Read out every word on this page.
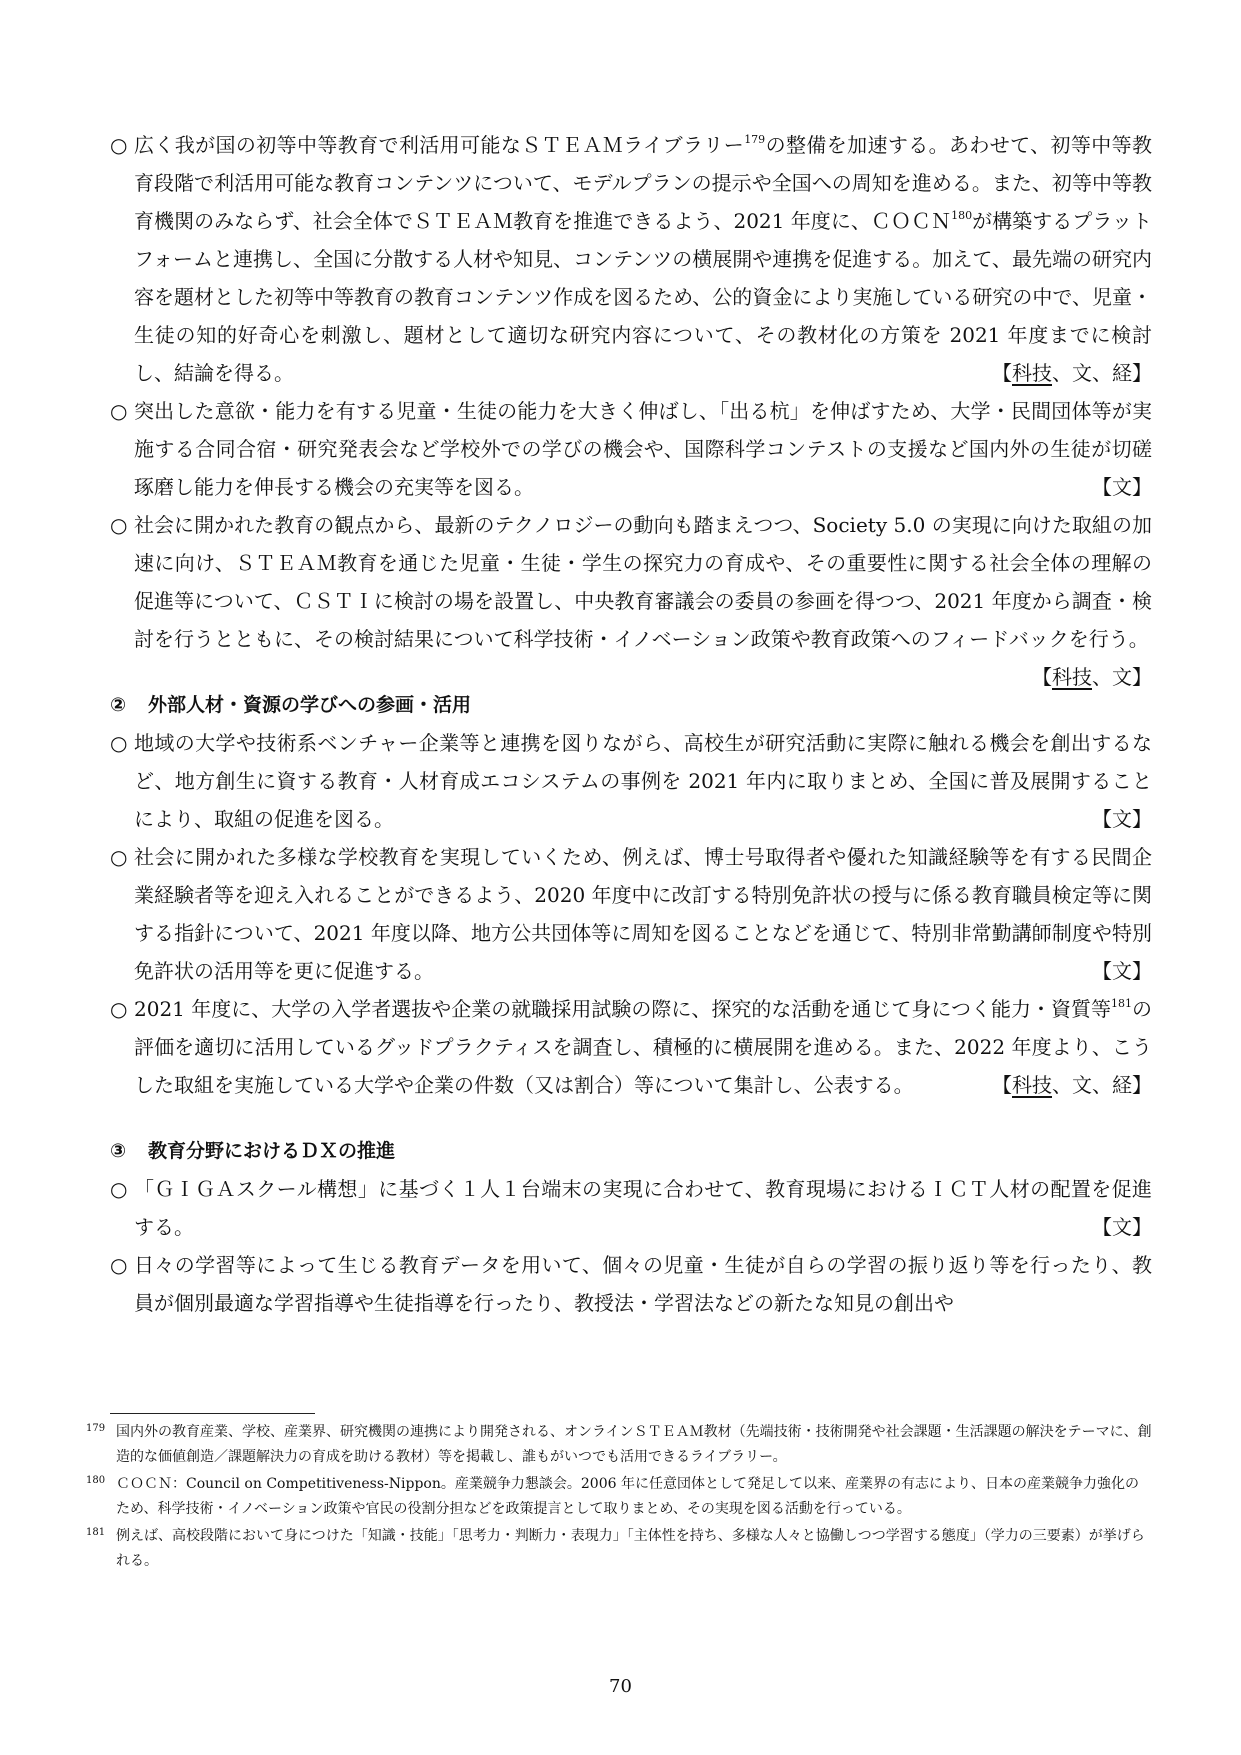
○ 広く我が国の初等中等教育で利活用可能なＳＴＥＡＭライブラリー$^{179}$の整備を加速する。あわせて、初等中等教育段階で利活用可能な教育コンテンツについて、モデルプランの提示や全国への周知を進める。また、初等中等教育機関のみならず、社会全体でＳＴＥＡＭ教育を推進できるよう、2021 年度に、ＣＯＣＮ$^{180}$が構築するプラットフォームと連携し、全国に分散する人材や知見、コンテンツの横展開や連携を促進する。加えて、最先端の研究内容を題材とした初等中等教育の教育コンテンツ作成を図るため、公的資金により実施している研究の中で、児童・生徒の知的好奇心を刺激し、題材として適切な研究内容について、その教材化の方策を 2021 年度までに検討し、結論を得る。	【科技、文、経】

○ 突出した意欲・能力を有する児童・生徒の能力を大きく伸ばし、「出る杭」を伸ばすため、大学・民間団体等が実施する合同合宿・研究発表会など学校外での学びの機会や、国際科学コンテストの支援など国内外の生徒が切磋琢磨し能力を伸長する機会の充実等を図る。	【文】

○ 社会に開かれた教育の観点から、最新のテクノロジーの動向も踏まえつつ、Society 5.0 の実現に向けた取組の加速に向け、ＳＴＥＡＭ教育を通じた児童・生徒・学生の探究力の育成や、その重要性に関する社会全体の理解の促進等について、ＣＳＴＩに検討の場を設置し、中央教育審議会の委員の参画を得つつ、2021 年度から調査・検討を行うとともに、その検討結果について科学技術・イノベーション政策や教育政策へのフィードバックを行う。
【科技、文】

② 外部人材・資源の学びへの参画・活用

○ 地域の大学や技術系ベンチャー企業等と連携を図りながら、高校生が研究活動に実際に触れる機会を創出するなど、地方創生に資する教育・人材育成エコシステムの事例を 2021 年内に取りまとめ、全国に普及展開することにより、取組の促進を図る。	【文】

○ 社会に開かれた多様な学校教育を実現していくため、例えば、博士号取得者や優れた知識経験等を有する民間企業経験者等を迎え入れることができるよう、2020 年度中に改訂する特別免許状の授与に係る教育職員検定等に関する指針について、2021 年度以降、地方公共団体等に周知を図ることなどを通じて、特別非常勤講師制度や特別免許状の活用等を更に促進する。	【文】

○ 2021 年度に、大学の入学者選抜や企業の就職採用試験の際に、探究的な活動を通じて身につく能力・資質等$^{181}$の評価を適切に活用しているグッドプラクティスを調査し、積極的に横展開を進める。また、2022 年度より、こうした取組を実施している大学や企業の件数（又は割合）等について集計し、公表する。	【科技、文、経】

③ 教育分野におけるＤＸの推進

○ 「ＧＩＧＡスクール構想」に基づく１人１台端末の実現に合わせて、教育現場におけるＩＣＴ人材の配置を促進する。	【文】

○ 日々の学習等によって生じる教育データを用いて、個々の児童・生徒が自らの学習の振り返り等を行ったり、教員が個別最適な学習指導や生徒指導を行ったり、教授法・学習法などの新たな知見の創出や

179 国内外の教育産業、学校、産業界、研究機関の連携により開発される、オンラインＳＴＥＡＭ教材（先端技術・技術開発や社会課題・生活課題の解決をテーマに、創造的な価値創造／課題解決力の育成を助ける教材）等を掲載し、誰もがいつでも活用できるライブラリー。

180 ＣＯＣＮ：Council on Competitiveness-Nippon。産業競争力懇談会。2006 年に任意団体として発足して以来、産業界の有志により、日本の産業競争力強化のため、科学技術・イノベーション政策や官民の役割分担などを政策提言として取りまとめ、その実現を図る活動を行っている。

181 例えば、高校段階において身につけた「知識・技能」「思考力・判断力・表現力」「主体性を持ち、多様な人々と協働しつつ学習する態度」（学力の三要素）が挙げられる。

70
